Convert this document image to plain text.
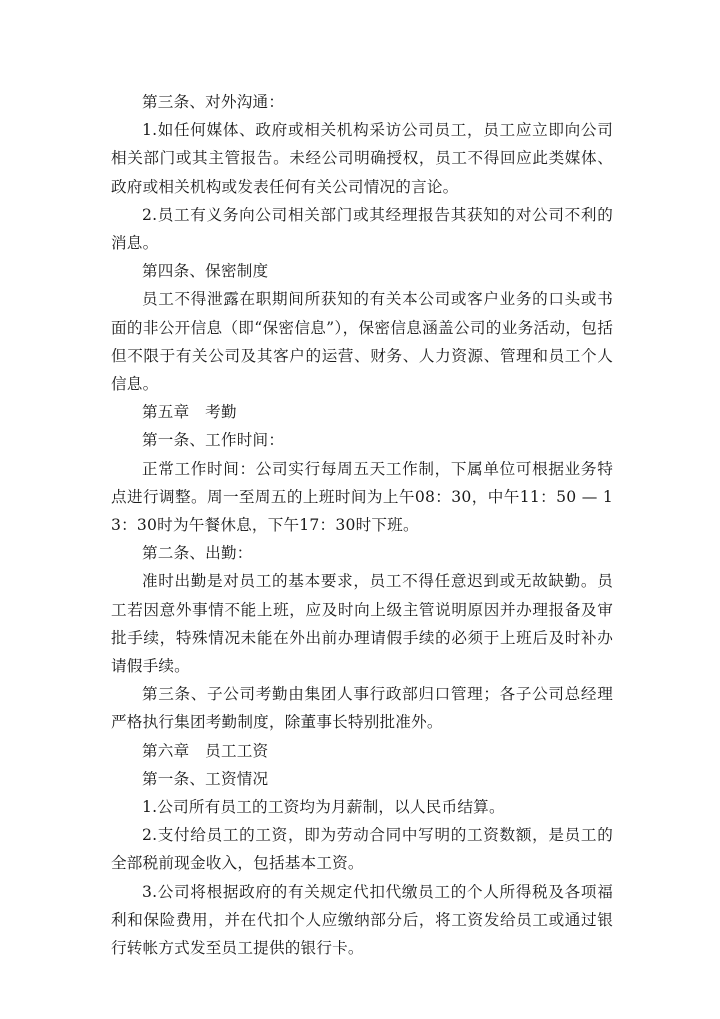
第三条、对外沟通：

1.如任何媒体、政府或相关机构采访公司员工，员工应立即向公司相关部门或其主管报告。未经公司明确授权，员工不得回应此类媒体、政府或相关机构或发表任何有关公司情况的言论。

2.员工有义务向公司相关部门或其经理报告其获知的对公司不利的消息。

第四条、保密制度

员工不得泄露在职期间所获知的有关本公司或客户业务的口头或书面的非公开信息（即“保密信息”），保密信息涵盖公司的业务活动，包括但不限于有关公司及其客户的运营、财务、人力资源、管理和员工个人信息。

第五章　考勤

第一条、工作时间：

正常工作时间：公司实行每周五天工作制，下属单位可根据业务特点进行调整。周一至周五的上班时间为上午08：30，中午11：50 — 13：30时为午餐休息，下午17：30时下班。

第二条、出勤：

准时出勤是对员工的基本要求，员工不得任意迟到或无故缺勤。员工若因意外事情不能上班，应及时向上级主管说明原因并办理报备及审批手续，特殊情况未能在外出前办理请假手续的必须于上班后及时补办请假手续。

第三条、子公司考勤由集团人事行政部归口管理；各子公司总经理严格执行集团考勤制度，除董事长特别批准外。

第六章　员工工资

第一条、工资情况

1.公司所有员工的工资均为月薪制，以人民币结算。

2.支付给员工的工资，即为劳动合同中写明的工资数额，是员工的全部税前现金收入，包括基本工资。

3.公司将根据政府的有关规定代扣代缴员工的个人所得税及各项福利和保险费用，并在代扣个人应缴纳部分后，将工资发给员工或通过银行转帐方式发至员工提供的银行卡。
